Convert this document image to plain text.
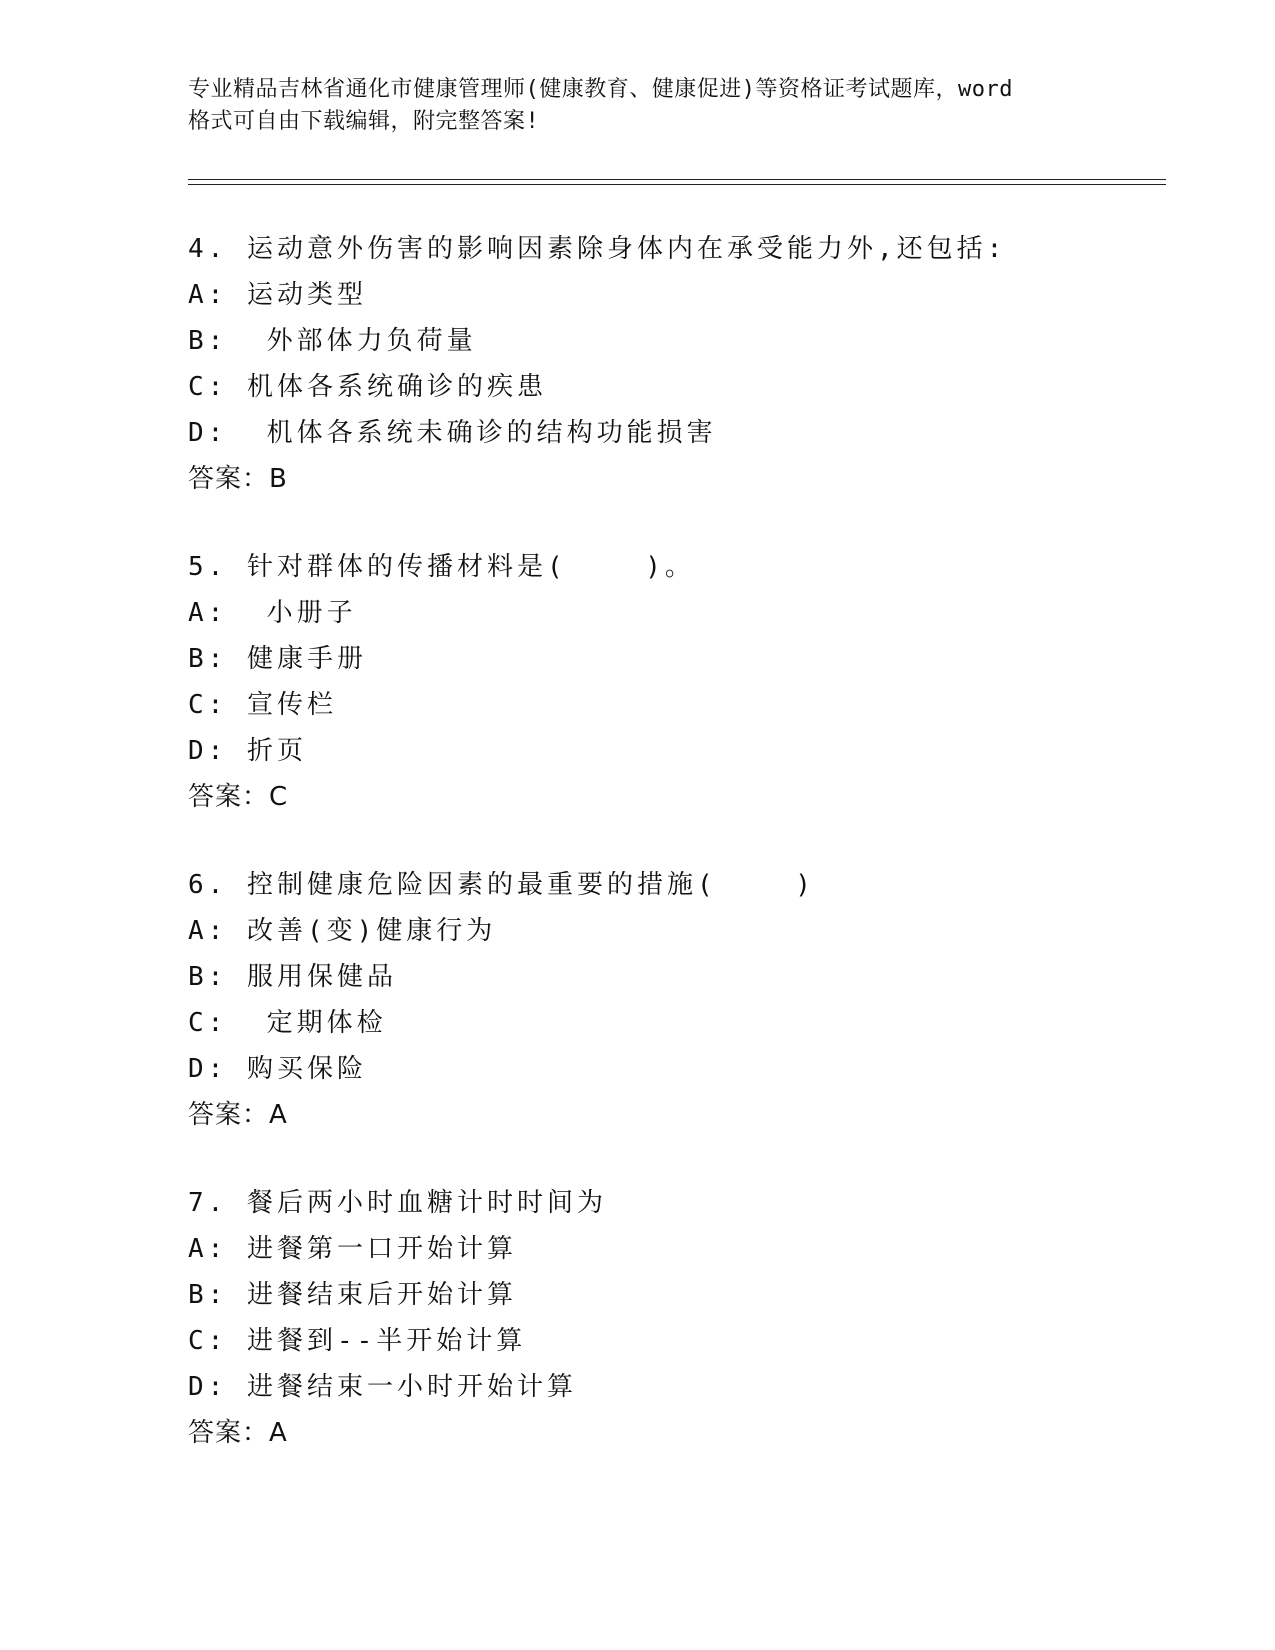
专业精品吉林省通化市健康管理师(健康教育、健康促进)等资格证考试题库，word
格式可自由下载编辑，附完整答案!
4. 运动意外伤害的影响因素除身体内在承受能力外,还包括:
A: 运动类型
B:  外部体力负荷量
C: 机体各系统确诊的疾患
D:  机体各系统未确诊的结构功能损害
答案：B
5. 针对群体的传播材料是(    )。
A:  小册子
B: 健康手册
C: 宣传栏
D: 折页
答案：C
6. 控制健康危险因素的最重要的措施(    )
A: 改善(变)健康行为
B: 服用保健品
C:  定期体检
D: 购买保险
答案：A
7. 餐后两小时血糖计时时间为
A: 进餐第一口开始计算
B: 进餐结束后开始计算
C: 进餐到--半开始计算
D: 进餐结束一小时开始计算
答案：A
